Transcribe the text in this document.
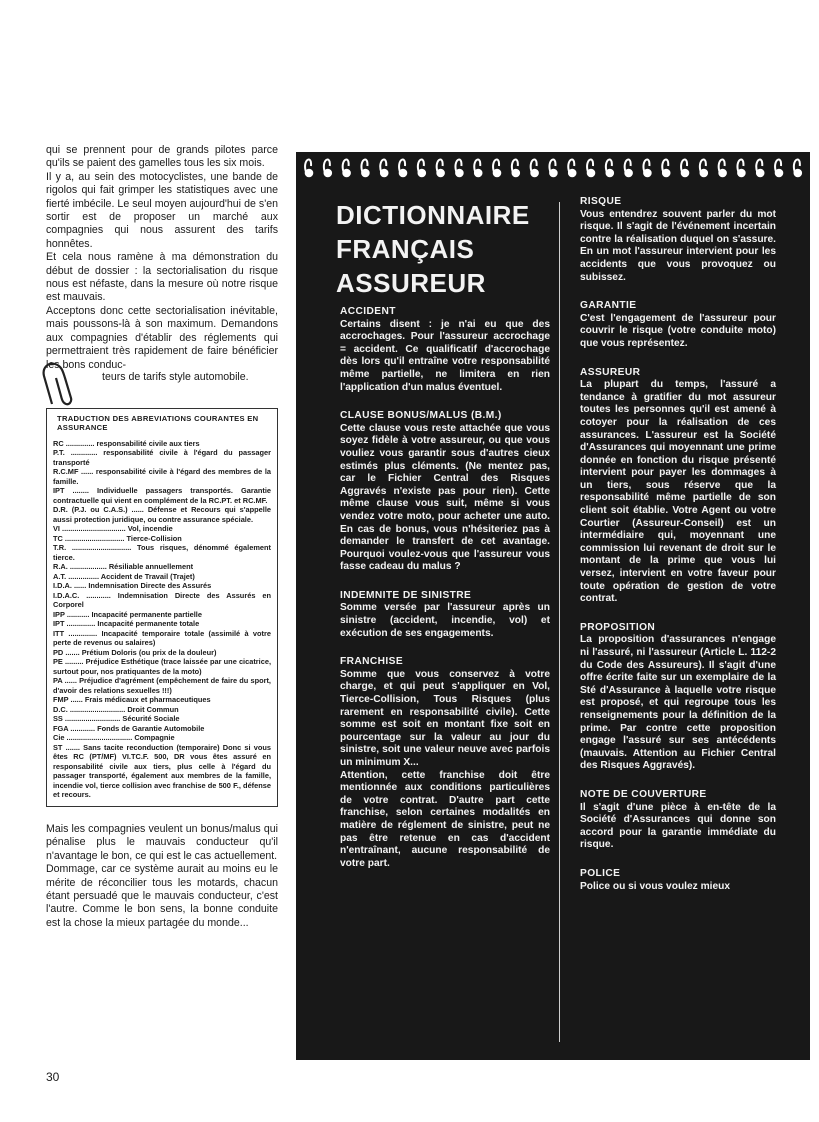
qui se prennent pour de grands pilotes parce qu'ils se paient des gamelles tous les six mois.

Il y a, au sein des motocyclistes, une bande de rigolos qui fait grimper les statistiques avec une fierté imbécile. Le seul moyen aujourd'hui de s'en sortir est de proposer un marché aux compagnies qui nous assurent des tarifs honnêtes.

Et cela nous ramène à ma démonstration du début de dossier : la sectorialisation du risque nous est néfaste, dans la mesure où notre risque est mauvais.

Acceptons donc cette sectorialisation inévitable, mais poussons-là à son maximum. Demandons aux compagnies d'établir des réglements qui permettraient très rapidement de faire bénéficier les bons conduc-

teurs de tarifs style automobile.
TRADUCTION DES ABREVIATIONS COURANTES EN ASSURANCE

RC .............. responsabilité civile aux tiers

P.T. ............. responsabilité civile à l'égard du passager transporté

R.C.MF ...... responsabilité civile à l'égard des membres de la famille.

IPT ........ Individuelle passagers transportés. Garantie contractuelle qui vient en complément de la RC.PT. et RC.MF.

D.R. (P.J. ou C.A.S.) ...... Défense et Recours qui s'appelle aussi protection juridique, ou contre assurance spéciale.

VI ............................... Vol, incendie

TC ............................. Tierce-Collision

T.R. ............................. Tous risques, dénommé également tierce.

R.A. .................. Résiliable annuellement

A.T. ............... Accident de Travail (Trajet)

I.D.A. ...... Indemnisation Directe des Assurés

I.D.A.C. ............ Indemnisation Directe des Assurés en Corporel

IPP ........... Incapacité permanente partielle

IPT .............. Incapacité permanente totale

ITT .............. Incapacité temporaire totale (assimilé à votre perte de revenus ou salaires)

PD ....... Prétium Doloris (ou prix de la douleur)

PE ......... Préjudice Esthétique (trace laissée par une cicatrice, surtout pour, nos pratiquantes de la moto)

PA ...... Préjudice d'agrément (empêchement de faire du sport, d'avoir des relations sexuelles !!!)

FMP ...... Frais médicaux et pharmaceutiques

D.C. ........................... Droit Commun

SS ........................... Sécurité Sociale

FGA ............ Fonds de Garantie Automobile

Cie ................................ Compagnie

ST ....... Sans tacite reconduction (temporaire) Donc si vous êtes RC (PT/MF) VI.TC.F. 500, DR vous êtes assuré en responsabilité civile aux tiers, plus celle à l'égard du passager transporté, également aux membres de la famille, incendie vol, tierce collision avec franchise de 500 F., défense et recours.

Mais les compagnies veulent un bonus/malus qui pénalise plus le mauvais conducteur qu'il n'avantage le bon, ce qui est le cas actuellement.

Dommage, car ce système aurait au moins eu le mérite de réconcilier tous les motards, chacun étant persuadé que le mauvais conducteur, c'est l'autre. Comme le bon sens, la bonne conduite est la chose la mieux partagée du monde...

30
DICTIONNAIRE
FRANÇAIS
ASSUREUR
ACCIDENT

Certains disent : je n'ai eu que des accrochages. Pour l'assureur accrochage = accident. Ce qualificatif d'accrochage dès lors qu'il entraîne votre responsabilité même partielle, ne limitera en rien l'application d'un malus éventuel.

CLAUSE BONUS/MALUS (B.M.)

Cette clause vous reste attachée que vous soyez fidèle à votre assureur, ou que vous vouliez vous garantir sous d'autres cieux estimés plus cléments. (Ne mentez pas, car le Fichier Central des Risques Aggravés n'existe pas pour rien). Cette même clause vous suit, même si vous vendez votre moto, pour acheter une auto. En cas de bonus, vous n'hésiteriez pas à demander le transfert de cet avantage. Pourquoi voulez-vous que l'assureur vous fasse cadeau du malus ?

INDEMNITE DE SINISTRE

Somme versée par l'assureur après un sinistre (accident, incendie, vol) et exécution de ses engagements.

FRANCHISE

Somme que vous conservez à votre charge, et qui peut s'appliquer en Vol, Tierce-Collision, Tous Risques (plus rarement en responsabilité civile). Cette somme est soit en montant fixe soit en pourcentage sur la valeur au jour du sinistre, soit une valeur neuve avec parfois un minimum X...

Attention, cette franchise doit être mentionnée aux conditions particulières de votre contrat. D'autre part cette franchise, selon certaines modalités en matière de réglement de sinistre, peut ne pas être retenue en cas d'accident n'entraînant, aucune responsabilité de votre part.

RISQUE

Vous entendrez souvent parler du mot risque. Il s'agit de l'événement incertain contre la réalisation duquel on s'assure. En un mot l'assureur intervient pour les accidents que vous provoquez ou subissez.

GARANTIE

C'est l'engagement de l'assureur pour couvrir le risque (votre conduite moto) que vous représentez.

ASSUREUR

La plupart du temps, l'assuré a tendance à gratifier du mot assureur toutes les personnes qu'il est amené à cotoyer pour la réalisation de ces assurances. L'assureur est la Société d'Assurances qui moyennant une prime donnée en fonction du risque présenté intervient pour payer les dommages à un tiers, sous réserve que la responsabilité même partielle de son client soit établie. Votre Agent ou votre Courtier (Assureur-Conseil) est un intermédiaire qui, moyennant une commission lui revenant de droit sur le montant de la prime que vous lui versez, intervient en votre faveur pour toute opération de gestion de votre contrat.

PROPOSITION

La proposition d'assurances n'engage ni l'assuré, ni l'assureur (Article L. 112-2 du Code des Assureurs). Il s'agit d'une offre écrite faite sur un exemplaire de la Sté d'Assurance à laquelle votre risque est proposé, et qui regroupe tous les renseignements pour la définition de la prime. Par contre cette proposition engage l'assuré sur ses antécédents (mauvais. Attention au Fichier Central des Risques Aggravés).

NOTE DE COUVERTURE

Il s'agit d'une pièce à en-tête de la Société d'Assurances qui donne son accord pour la garantie immédiate du risque.

POLICE

Police ou si vous voulez mieux
